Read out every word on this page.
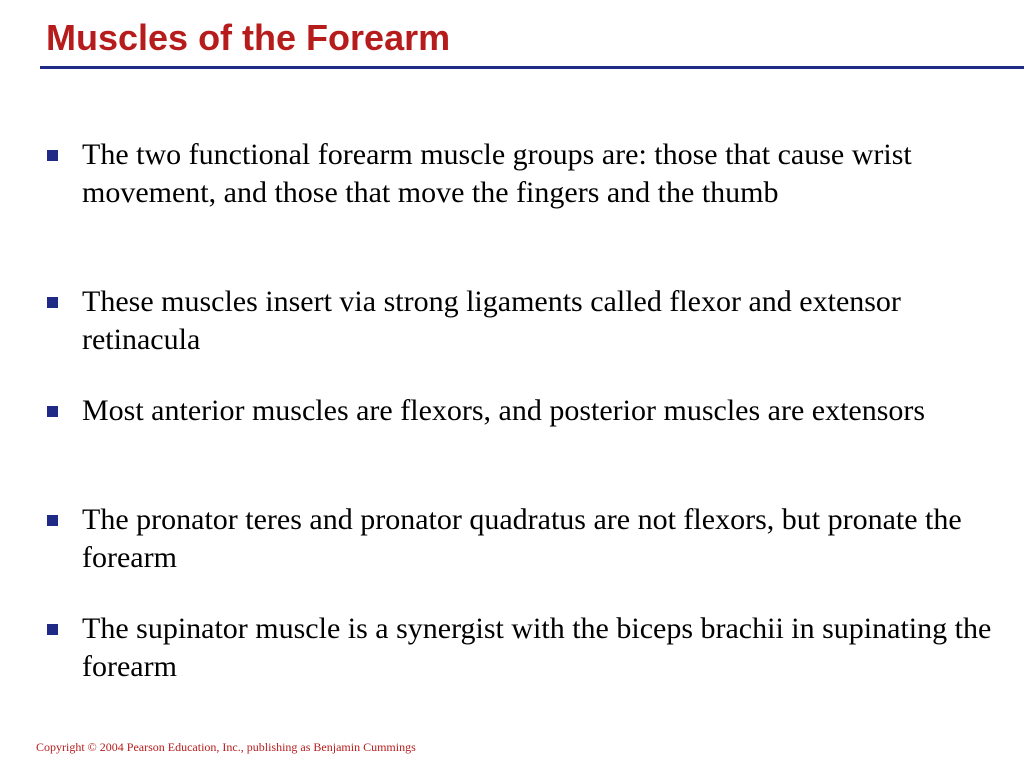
Muscles of the Forearm
The two functional forearm muscle groups are: those that cause wrist movement, and those that move the fingers and the thumb
These muscles insert via strong ligaments called flexor and extensor retinacula
Most anterior muscles are flexors, and posterior muscles are extensors
The pronator teres and pronator quadratus are not flexors, but pronate the forearm
The supinator muscle is a synergist with the biceps brachii in supinating the forearm
Copyright © 2004 Pearson Education, Inc., publishing as Benjamin Cummings
